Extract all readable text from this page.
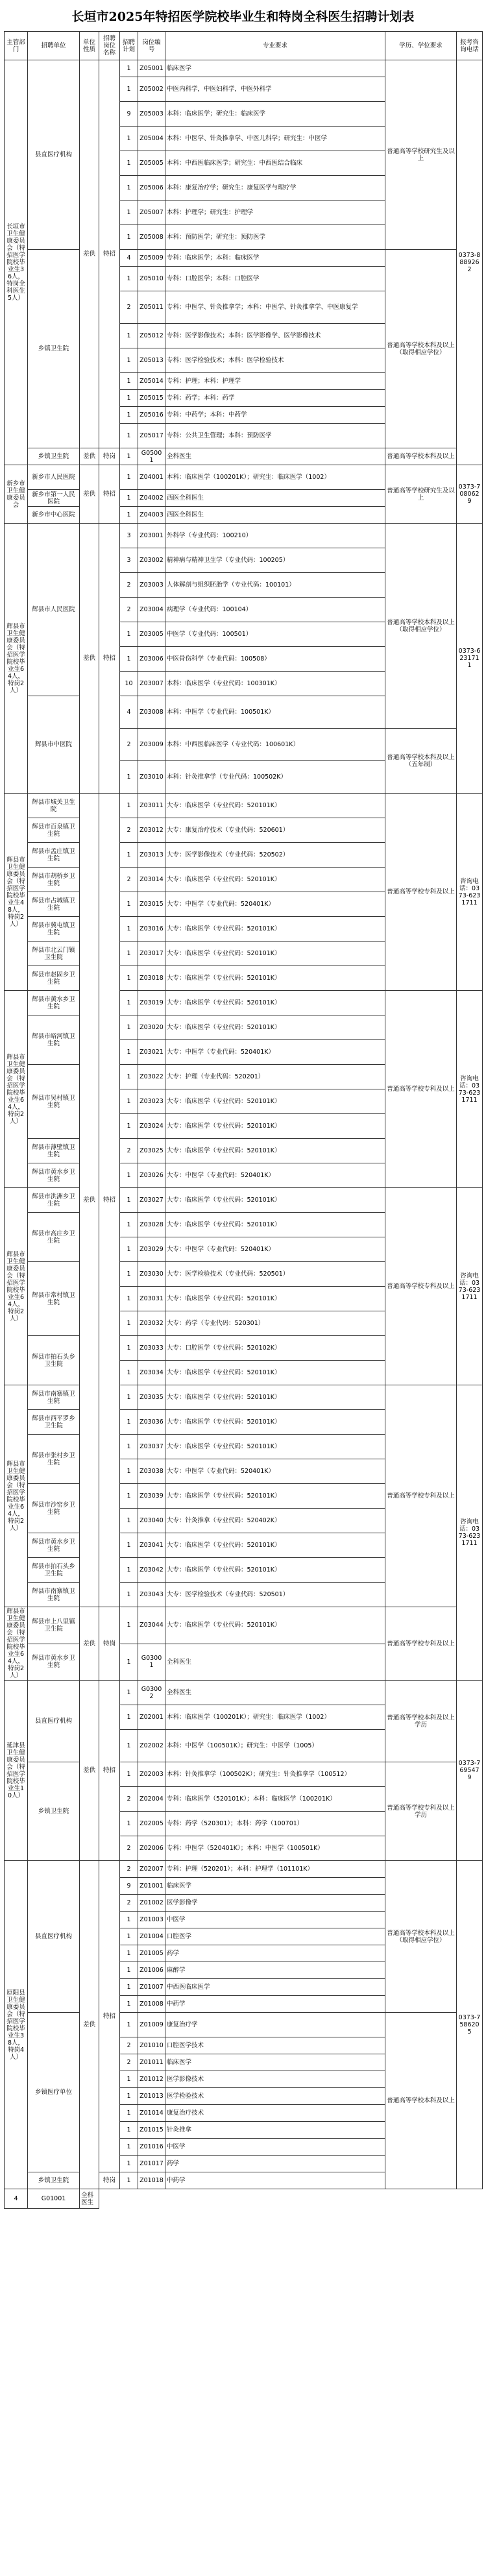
长垣市2025年特招医学院校毕业生和特岗全科医生招聘计划表
主管部门	招聘单位	单位性质	招聘岗位名称	招聘计划	岗位编号	专业要求	学历、学位要求	报考咨询电话
长垣市卫生健康委员会（特招医学院校毕业生36人，特岗全科医生5人）	县直医疗机构	差供	特招	1	Z05001	临床医学	普通高等学校研究生及以上	0373-8889262
				1	Z05002	中医内科学，中医妇科学，中医外科学		
				9	Z05003	本科：临床医学；研究生：临床医学		
				1	Z05004	本科：中医学、针灸推拿学、中医儿科学；研究生：中医学		
				1	Z05005	本科：中西医临床医学；研究生：中西医结合临床		
				1	Z05006	本科：康复治疗学；研究生：康复医学与理疗学		
				1	Z05007	本科：护理学；研究生：护理学		
				1	Z05008	本科：预防医学；研究生：预防医学		
	乡镇卫生院			4	Z05009	专科：临床医学；本科：临床医学	普通高等学校本科及以上（取得相应学位）	
				1	Z05010	专科：口腔医学；本科：口腔医学		
				2	Z05011	专科：中医学、针灸推拿学；本科：中医学、针灸推拿学、中医康复学		
				1	Z05012	专科：医学影像技术；本科：医学影像学、医学影像技术		
				1	Z05013	专科：医学检验技术；本科：医学检验技术		
				1	Z05014	专科：护理；本科：护理学		
				1	Z05015	专科：药学；本科：药学		
				1	Z05016	专科：中药学；本科：中药学		
				1	Z05017	专科：公共卫生管理；本科：预防医学		
	乡镇卫生院	差供	特岗	1	G05001	全科医生	普通高等学校本科及以上	
新乡市卫生健康委员会	新乡市人民医院	差供	特招	1	Z04001	本科：临床医学（100201K）；研究生：临床医学（1002）	普通高等学校研究生及以上	0373-7080629
	新乡市第一人民医院			1	Z04002	西医全科医生		
	新乡市中心医院			1	Z04003	西医全科医生		
辉县市卫生健康委员会（特招医学院校毕业生64人，特岗2人）	辉县市人民医院	差供	特招	3	Z03001	外科学（专业代码：100210）	普通高等学校本科及以上（取得相应学位）	0373-6231711
				3	Z03002	精神病与精神卫生学（专业代码：100205）		
				2	Z03003	人体解剖与组织胚胎学（专业代码：100101）		
				2	Z03004	病理学（专业代码：100104）		
				1	Z03005	中医学（专业代码：100501）		
				1	Z03006	中医骨伤科学（专业代码：100508）		
				10	Z03007	本科：临床医学（专业代码：100301K）		
	辉县市中医院			4	Z03008	本科：中医学（专业代码：100501K）		
				2	Z03009	本科：中西医临床医学（专业代码：100601K）	普通高等学校本科及以上（五年制）	
				1	Z03010	本科：针灸推拿学（专业代码：100502K）		
辉县市卫生健康委员会（特招医学院校毕业生48人，特岗2人）	辉县市城关卫生院	差供	特招	1	Z03011	大专：临床医学（专业代码：520101K）	普通高等学校专科及以上	咨询电话：0373-6231711
	辉县市百泉镇卫生院			2	Z03012	大专：康复治疗技术（专业代码：520601）		
	辉县市孟庄镇卫生院			1	Z03013	大专：医学影像技术（专业代码：520502）		
	辉县市胡桥乡卫生院			2	Z03014	大专：临床医学（专业代码：520101K）		
	辉县市占城镇卫生院			1	Z03015	大专：中医学（专业代码：520401K）		
	辉县市冀屯镇卫生院			1	Z03016	大专：临床医学（专业代码：520101K）		
	辉县市北云门镇卫生院			1	Z03017	大专：临床医学（专业代码：520101K）		
	辉县市赵固乡卫生院			1	Z03018	大专：临床医学（专业代码：520101K）		
辉县市卫生健康委员会（特招医学院校毕业生64人，特岗2人）	辉县市黄水乡卫生院			1	Z03019	大专：临床医学（专业代码：520101K）	普通高等学校专科及以上	咨询电话：0373-6231711
	辉县市峪河镇卫生院			1	Z03020	大专：临床医学（专业代码：520101K）		
				1	Z03021	大专：中医学（专业代码：520401K）		
	辉县市吴村镇卫生院			1	Z03022	大专：护理（专业代码：520201）		
				1	Z03023	大专：临床医学（专业代码：520101K）		
				1	Z03024	大专：临床医学（专业代码：520101K）		
	辉县市薄壁镇卫生院			2	Z03025	大专：临床医学（专业代码：520101K）		
	辉县市黄水乡卫生院			1	Z03026	大专：中医学（专业代码：520401K）		
辉县市卫生健康委员会（特招医学院校毕业生64人，特岗2人）	辉县市洪洲乡卫生院			1	Z03027	大专：临床医学（专业代码：520101K）	普通高等学校专科及以上	咨询电话：0373-6231711
	辉县市高庄乡卫生院			1	Z03028	大专：临床医学（专业代码：520101K）		
				1	Z03029	大专：中医学（专业代码：520401K）		
	辉县市常村镇卫生院			1	Z03030	大专：医学检验技术（专业代码：520501）		
				1	Z03031	大专：临床医学（专业代码：520101K）		
				1	Z03032	大专：药学（专业代码：520301）		
	辉县市拍石头乡卫生院			1	Z03033	大专：口腔医学（专业代码：520102K）		
				1	Z03034	大专：临床医学（专业代码：520101K）		
辉县市卫生健康委员会（特招医学院校毕业生64人，特岗2人）	辉县市南寨镇卫生院			1	Z03035	大专：临床医学（专业代码：520101K）	普通高等学校专科及以上	咨询电话：0373-6231711
	辉县市西平罗乡卫生院			1	Z03036	大专：临床医学（专业代码：520101K）		
	辉县市张村乡卫生院			1	Z03037	大专：临床医学（专业代码：520101K）		
				1	Z03038	大专：中医学（专业代码：520401K）		
	辉县市沙窑乡卫生院			1	Z03039	大专：临床医学（专业代码：520101K）		
				1	Z03040	大专：针灸推拿（专业代码：520402K）		
	辉县市黄水乡卫生院			1	Z03041	大专：临床医学（专业代码：520101K）		
	辉县市拍石头乡卫生院			1	Z03042	大专：临床医学（专业代码：520101K）		
	辉县市南寨镇卫生院			1	Z03043	大专：医学检验技术（专业代码：520501）		
辉县市卫生健康委员会（特招医学院校毕业生64人，特岗2人）	辉县市上八里镇卫生院	差供	特岗	1	Z03044	大专：临床医学（专业代码：520101K）	普通高等学校专科及以上	
	辉县市黄水乡卫生院			1	G03001	全科医生		
延津县卫生健康委员会（特招医学院校毕业生10人）	县直医疗机构	差供	特招	1	G03002	全科医生	普通高等学校本科及以上学历	0373-7695479
				1	Z02001	本科：临床医学（100201K）；研究生：临床医学（1002）		
				1	Z02002	本科：中医学（100501K）；研究生：中医学（1005）		
	乡镇卫生院			1	Z02003	本科：针灸推拿学（100502K）；研究生：针灸推拿学（100512）	普通高等学校专科及以上学历	
				2	Z02004	专科：临床医学（520101K）；本科：临床医学（100201K）		
				1	Z02005	专科：药学（520301）；本科：药学（100701）		
				2	Z02006	专科：中医学（520401K）；本科：中医学（100501K）		
原阳县卫生健康委员会（特招医学院校毕业生38人，特岗4人）	县直医疗机构	差供	特招	2	Z02007	专科：护理（520201）；本科：护理学（101101K）	普通高等学校本科及以上（取得相应学位）	0373-7586205
				9	Z01001	临床医学		
				2	Z01002	医学影像学		
				1	Z01003	中医学		
				1	Z01004	口腔医学		
				1	Z01005	药学		
				1	Z01006	麻醉学		
				1	Z01007	中西医临床医学		
				1	Z01008	中药学		
	乡镇医疗单位			1	Z01009	康复治疗学	普通高等学校本科及以上	
				2	Z01010	口腔医学技术		
				2	Z01011	临床医学		
				1	Z01012	医学影像技术		
				1	Z01013	医学检验技术		
				1	Z01014	康复治疗技术		
				1	Z01015	针灸推拿		
				1	Z01016	中医学		
				1	Z01017	药学		
	乡镇卫生院		特岗	1	Z01018	中药学		
4	G01001	全科医生						
